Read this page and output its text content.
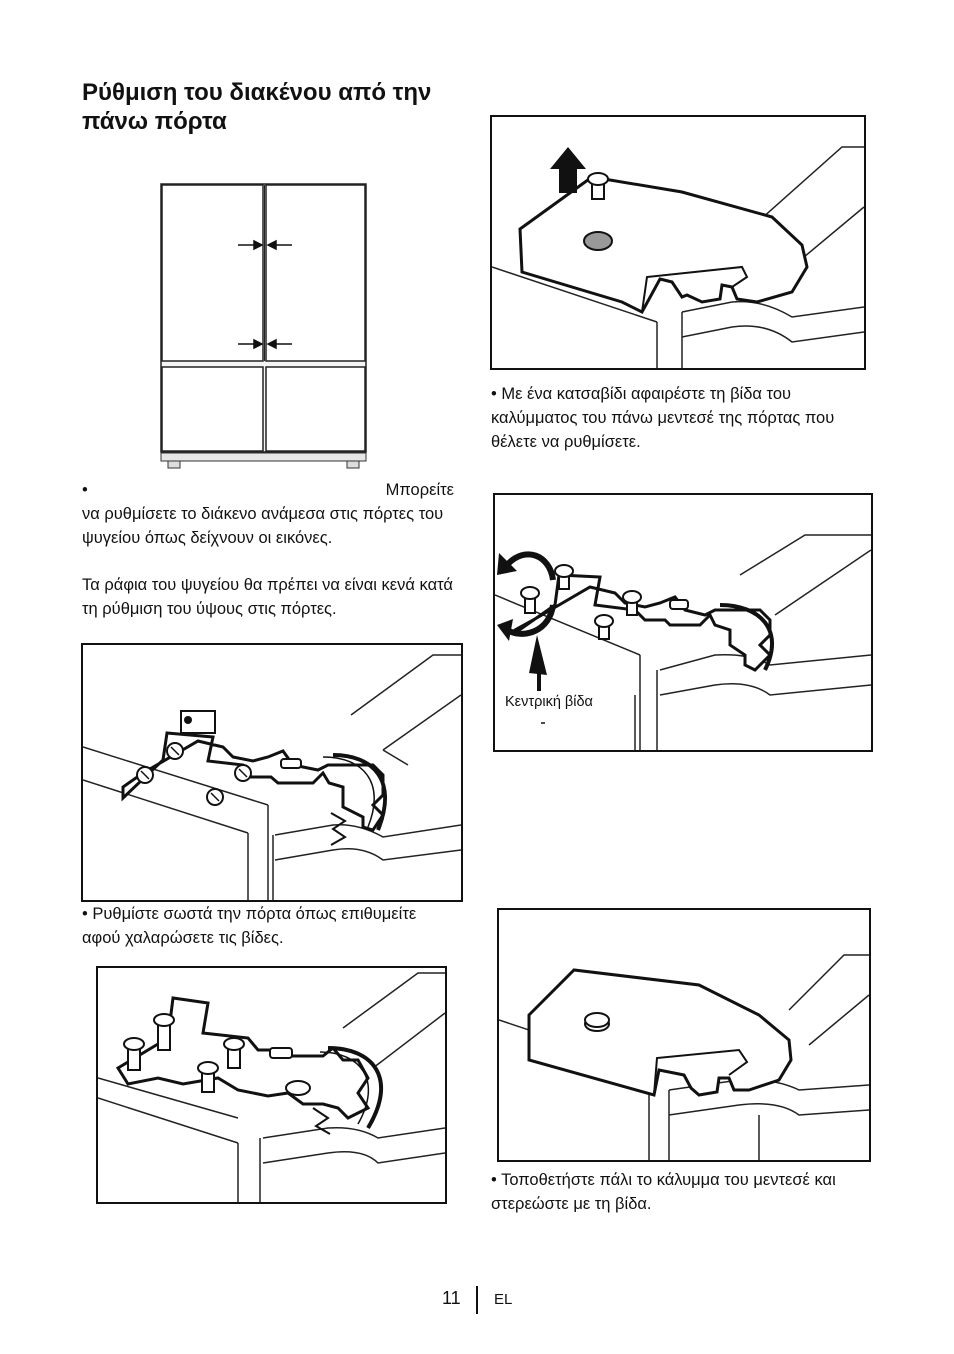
Ρύθμιση του διακένου από την πάνω πόρτα

•	Μπορείτε

να ρυθμίσετε το διάκενο ανάμεσα στις πόρτες του ψυγείου όπως δείχνουν οι εικόνες.

Τα ράφια του ψυγείου θα πρέπει να είναι κενά κατά τη ρύθμιση του ύψους στις πόρτες.

• Ρυθμίστε σωστά την πόρτα όπως επιθυμείτε αφού χαλαρώσετε τις βίδες.

• Με ένα κατσαβίδι αφαιρέστε τη βίδα του καλύμματος του πάνω μεντεσέ της πόρτας που θέλετε να ρυθμίσετε.

Κεντρική βίδα

• Τοποθετήστε πάλι το κάλυμμα του μεντεσέ και στερεώστε με τη βίδα.

11 EL
